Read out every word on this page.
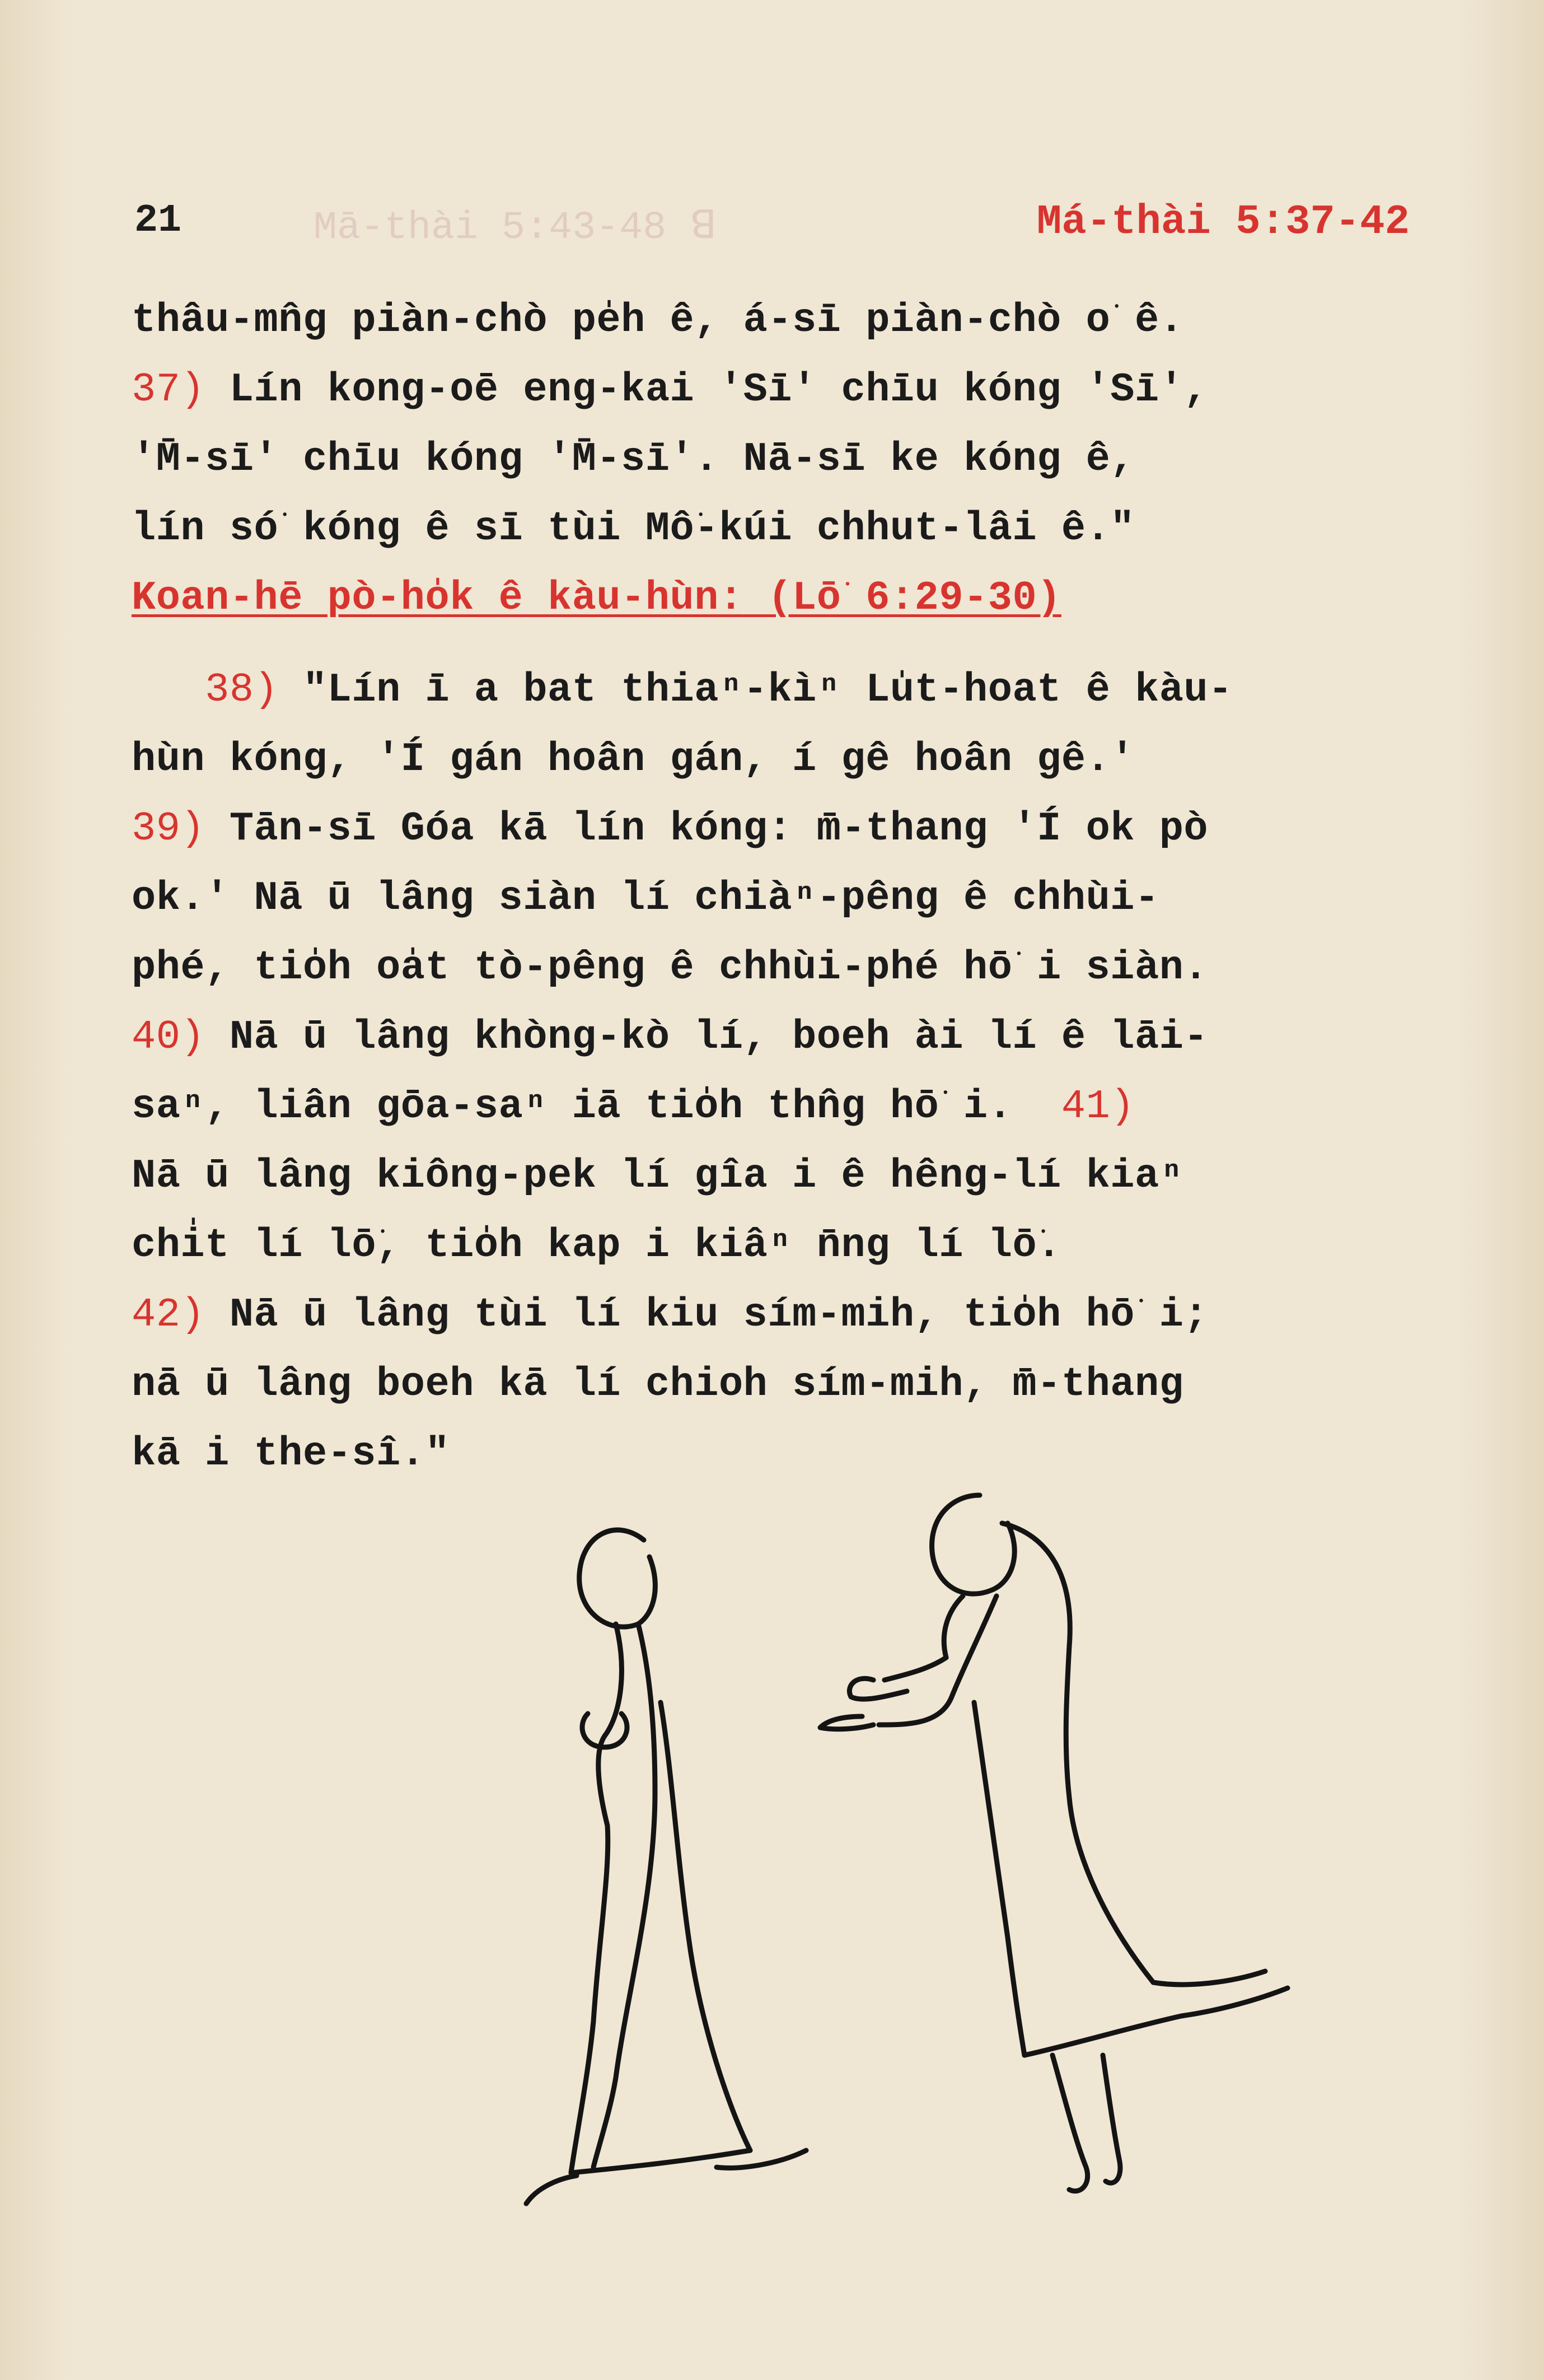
Mā-thài 5:43-48 ꓭ
21	Má-thài 5:37-42
thâu-mn̂g piàn-chò pe̍h ê, á-sī piàn-chò o͘ ê.
37) Lín kong-oē eng-kai 'Sī' chīu kóng 'Sī',
'M̄-sī' chīu kóng 'M̄-sī'. Nā-sī ke kóng ê,
lín só͘ kóng ê sī tùi Mô͘-kúi chhut-lâi ê."
Koan-hē pò-ho̍k ê kàu-hùn: (Lō͘ 6:29-30)
38) "Lín ī a bat thiaⁿ-kìⁿ Lu̍t-hoat ê kàu-
hùn kóng, 'Í gán hoân gán, í gê hoân gê.'
39) Tān-sī Góa kā lín kóng: m̄-thang 'Í ok pò
ok.' Nā ū lâng siàn lí chiàⁿ-pêng ê chhùi-
phé, tio̍h oa̍t tò-pêng ê chhùi-phé hō͘ i siàn.
40) Nā ū lâng khòng-kò lí, boeh ài lí ê lāi-
saⁿ, liân gōa-saⁿ iā tio̍h thn̂g hō͘ i.  41)
Nā ū lâng kiông-pek lí gîa i ê hêng-lí kiaⁿ
chi̍t lí lō͘, tio̍h kap i kiâⁿ n̄ng lí lō͘.
42) Nā ū lâng tùi lí kiu sím-mih, tio̍h hō͘ i;
nā ū lâng boeh kā lí chioh sím-mih, m̄-thang
kā i the-sî."
